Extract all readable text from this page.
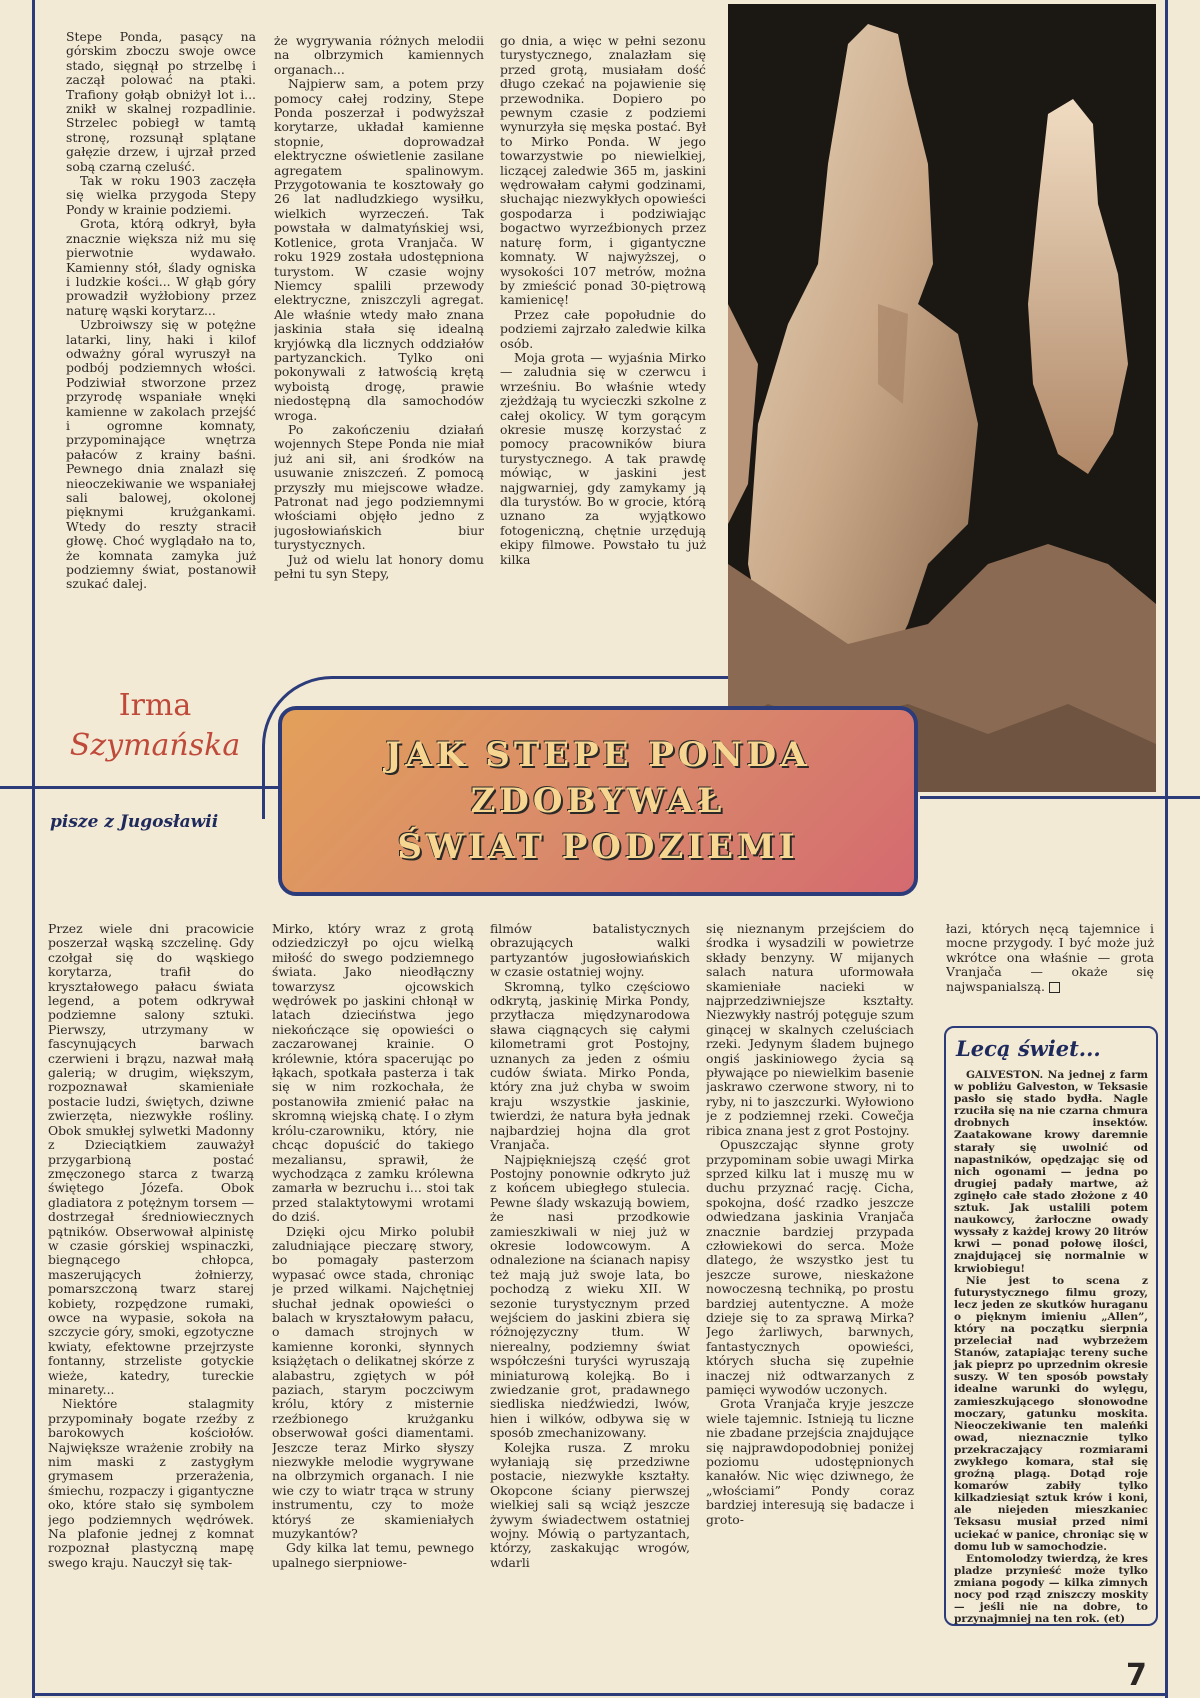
Stepe Ponda, pasący na górskim zboczu swoje owce stado, sięgnął po strzelbę i zaczął polować na ptaki. Trafiony gołąb obniżył lot i... znikł w skalnej rozpadlinie. Strzelec pobiegł w tamtą stronę, rozsunął splątane gałęzie drzew, i ujrzał przed sobą czarną czeluść.

Tak w roku 1903 zaczęła się wielka przygoda Stepy Pondy w krainie podziemi.

Grota, którą odkrył, była znacznie większa niż mu się pierwotnie wydawało. Kamienny stół, ślady ogniska i ludzkie kości... W głąb góry prowadził wyżłobiony przez naturę wąski korytarz...

Uzbroiwszy się w potężne latarki, liny, haki i kilof odważny góral wyruszył na podbój podziemnych włości. Podziwiał stworzone przez przyrodę wspaniałe wnęki kamienne w zakolach przejść i ogromne komnaty, przypominające wnętrza pałaców z krainy baśni. Pewnego dnia znalazł się nieoczekiwanie we wspaniałej sali balowej, okolonej pięknymi krużgankami. Wtedy do reszty stracił głowę. Choć wyglądało na to, że komnata zamyka już podziemny świat, postanowił szukać dalej.

że wygrywania różnych melodii na olbrzymich kamiennych organach...

Najpierw sam, a potem przy pomocy całej rodziny, Stepe Ponda poszerzał i podwyższał korytarze, układał kamienne stopnie, doprowadzał elektryczne oświetlenie zasilane agregatem spalinowym. Przygotowania te kosztowały go 26 lat nadludzkiego wysiłku, wielkich wyrzeczeń. Tak powstała w dalmatyńskiej wsi, Kotlenice, grota Vranjača. W roku 1929 została udostępniona turystom. W czasie wojny Niemcy spalili przewody elektryczne, zniszczyli agregat. Ale właśnie wtedy mało znana jaskinia stała się idealną kryjówką dla licznych oddziałów partyzanckich. Tylko oni pokonywali z łatwością krętą wyboistą drogę, prawie niedostępną dla samochodów wroga.

Po zakończeniu działań wojennych Stepe Ponda nie miał już ani sił, ani środków na usuwanie zniszczeń. Z pomocą przyszły mu miejscowe władze. Patronat nad jego podziemnymi włościami objęło jedno z jugosłowiańskich biur turystycznych.

Już od wielu lat honory domu pełni tu syn Stepy,

go dnia, a więc w pełni sezonu turystycznego, znalazłam się przed grotą, musiałam dość długo czekać na pojawienie się przewodnika. Dopiero po pewnym czasie z podziemi wynurzyła się męska postać. Był to Mirko Ponda. W jego towarzystwie po niewielkiej, liczącej zaledwie 365 m, jaskini wędrowałam całymi godzinami, słuchając niezwykłych opowieści gospodarza i podziwiając bogactwo wyrzeźbionych przez naturę form, i gigantyczne komnaty. W najwyższej, o wysokości 107 metrów, można by zmieścić ponad 30-piętrową kamienicę!

Przez całe popołudnie do podziemi zajrzało zaledwie kilka osób.

Moja grota — wyjaśnia Mirko — zaludnia się w czerwcu i wrześniu. Bo właśnie wtedy zjeżdżają tu wycieczki szkolne z całej okolicy. W tym gorącym okresie muszę korzystać z pomocy pracowników biura turystycznego. A tak prawdę mówiąc, w jaskini jest najgwarniej, gdy zamykamy ją dla turystów. Bo w grocie, którą uznano za wyjątkowo fotogeniczną, chętnie urzędują ekipy filmowe. Powstało tu już kilka

Irma
Szymańska
pisze z Jugosławii
JAK STEPE PONDA
ZDOBYWAŁ
ŚWIAT PODZIEMI

Przez wiele dni pracowicie poszerzał wąską szczelinę. Gdy czołgał się do wąskiego korytarza, trafił do kryształowego pałacu świata legend, a potem odkrywał podziemne salony sztuki. Pierwszy, utrzymany w fascynujących barwach czerwieni i brązu, nazwał małą galerią; w drugim, większym, rozpoznawał skamieniałe postacie ludzi, świętych, dziwne zwierzęta, niezwykłe rośliny. Obok smukłej sylwetki Madonny z Dzieciątkiem zauważył przygarbioną postać zmęczonego starca z twarzą świętego Józefa. Obok gladiatora z potężnym torsem — dostrzegał średniowiecznych pątników. Obserwował alpinistę w czasie górskiej wspinaczki, biegnącego chłopca, maszerujących żołnierzy, pomarszczoną twarz starej kobiety, rozpędzone rumaki, owce na wypasie, sokoła na szczycie góry, smoki, egzotyczne kwiaty, efektowne przejrzyste fontanny, strzeliste gotyckie wieże, katedry, tureckie minarety...

Niektóre stalagmity przypominały bogate rzeźby z barokowych kościołów. Największe wrażenie zrobiły na nim maski z zastygłym grymasem przerażenia, śmiechu, rozpaczy i gigantyczne oko, które stało się symbolem jego podziemnych wędrówek. Na plafonie jednej z komnat rozpoznał plastyczną mapę swego kraju. Nauczył się tak-

Mirko, który wraz z grotą odziedziczył po ojcu wielką miłość do swego podziemnego świata. Jako nieodłączny towarzysz ojcowskich wędrówek po jaskini chłonął w latach dzieciństwa jego niekończące się opowieści o zaczarowanej krainie. O królewnie, która spacerując po łąkach, spotkała pasterza i tak się w nim rozkochała, że postanowiła zmienić pałac na skromną wiejską chatę. I o złym królu-czarowniku, który, nie chcąc dopuścić do takiego mezaliansu, sprawił, że wychodząca z zamku królewna zamarła w bezruchu i... stoi tak przed stalaktytowymi wrotami do dziś.

Dzięki ojcu Mirko polubił zaludniające pieczarę stwory, bo pomagały pasterzom wypasać owce stada, chroniąc je przed wilkami. Najchętniej słuchał jednak opowieści o balach w kryształowym pałacu, o damach strojnych w kamienne koronki, słynnych książętach o delikatnej skórze z alabastru, zgiętych w pół paziach, starym poczciwym królu, który z misternie rzeźbionego krużganku obserwował gości diamentami. Jeszcze teraz Mirko słyszy niezwykłe melodie wygrywane na olbrzymich organach. I nie wie czy to wiatr trąca w struny instrumentu, czy to może któryś ze skamieniałych muzykantów?

Gdy kilka lat temu, pewnego upalnego sierpniowe-

filmów batalistycznych obrazujących walki partyzantów jugosłowiańskich w czasie ostatniej wojny.

Skromną, tylko częściowo odkrytą, jaskinię Mirka Pondy, przytłacza międzynarodowa sława ciągnących się całymi kilometrami grot Postojny, uznanych za jeden z ośmiu cudów świata. Mirko Ponda, który zna już chyba w swoim kraju wszystkie jaskinie, twierdzi, że natura była jednak najbardziej hojna dla grot Vranjača.

Najpiękniejszą część grot Postojny ponownie odkryto już z końcem ubiegłego stulecia. Pewne ślady wskazują bowiem, że nasi przodkowie zamieszkiwali w niej już w okresie lodowcowym. A odnalezione na ścianach napisy też mają już swoje lata, bo pochodzą z wieku XII. W sezonie turystycznym przed wejściem do jaskini zbiera się różnojęzyczny tłum. W nierealny, podziemny świat współcześni turyści wyruszają miniaturową kolejką. Bo i zwiedzanie grot, pradawnego siedliska niedźwiedzi, lwów, hien i wilków, odbywa się w sposób zmechanizowany.

Kolejka rusza. Z mroku wyłaniają się przedziwne postacie, niezwykłe kształty. Okopcone ściany pierwszej wielkiej sali są wciąż jeszcze żywym świadectwem ostatniej wojny. Mówią o partyzantach, którzy, zaskakując wrogów, wdarli

się nieznanym przejściem do środka i wysadzili w powietrze składy benzyny. W mijanych salach natura uformowała skamieniałe naciekі w najprzedziwniejsze kształty. Niezwykły nastrój potęguje szum ginącej w skalnych czeluściach rzeki. Jedynym śladem bujnego ongiś jaskiniowego życia są pływające po niewielkim basenie jaskrawo czerwone stwory, ni to ryby, ni to jaszczurki. Wyłowiono je z podziemnej rzeki. Cowečja ribica znana jest z grot Postojny.

Opuszczając słynne groty przypominam sobie uwagi Mirka sprzed kilku lat i muszę mu w duchu przyznać rację. Cicha, spokojna, dość rzadko jeszcze odwiedzana jaskinia Vranjača znacznie bardziej przypada człowiekowi do serca. Może dlatego, że wszystko jest tu jeszcze surowe, nieskażone nowoczesną techniką, po prostu bardziej autentyczne. A może dzieje się to za sprawą Mirka? Jego żarliwych, barwnych, fantastycznych opowieści, których słucha się zupełnie inaczej niż odtwarzanych z pamięci wywodów uczonych.

Grota Vranjača kryje jeszcze wiele tajemnic. Istnieją tu liczne nie zbadane przejścia znajdujące się najprawdopodobniej poniżej poziomu udostępnionych kanałów. Nic więc dziwnego, że „włościami” Pondy coraz bardziej interesują się badacze i groto-

łazi, których nęcą tajemnice i mocne przygody. I być może już wkrótce ona właśnie — grota Vranjača — okaże się najwspanialszą.

Lecą świet...

GALVESTON. Na jednej z farm w pobliżu Galveston, w Teksasie pasło się stado bydła. Nagle rzuciła się na nie czarna chmura drobnych insektów. Zaatakowane krowy daremnie starały się uwolnić od napastników, opędzając się od nich ogonami — jedna po drugiej padały martwe, aż zginęło całe stado złożone z 40 sztuk. Jak ustalili potem naukowcy, żarłoczne owady wyssały z każdej krowy 20 litrów krwi — ponad połowę ilości, znajdującej się normalnie w krwiobiegu!

Nie jest to scena z futurystycznego filmu grozy, lecz jeden ze skutków huraganu o pięknym imieniu „Allen”, który na początku sierpnia przeleciał nad wybrzeżem Stanów, zatapiając tereny suche jak pieprz po uprzednim okresie suszy. W ten sposób powstały idealne warunki do wylęgu, zamieszkującego słonowodne moczary, gatunku moskita. Nieoczekiwanie ten maleńki owad, nieznacznie tylko przekraczający rozmiarami zwykłego komara, stał się groźną plagą. Dotąd roje komarów zabiły tylko kilkadziesiąt sztuk krów i koni, ale niejeden mieszkaniec Teksasu musiał przed nimi uciekać w panice, chroniąc się w domu lub w samochodzie.

Entomolodzy twierdzą, że kres pladze przynieść może tylko zmiana pogody — kilka zimnych nocy pod rząd zniszczy moskity — jeśli nie na dobre, to przynajmniej na ten rok. (et)

7
